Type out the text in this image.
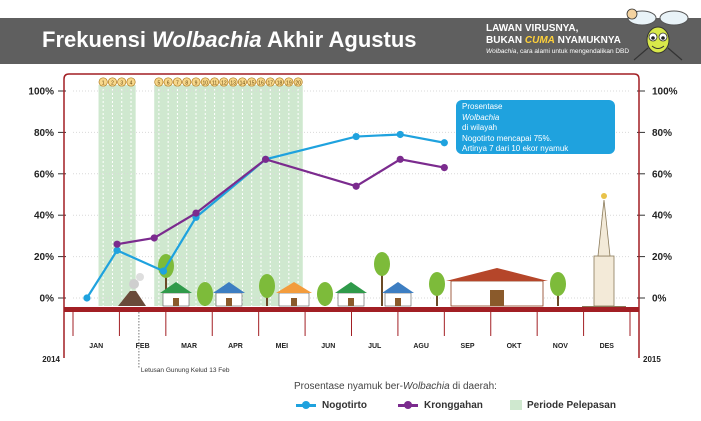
Frekuensi Wolbachia Akhir Agustus	LAWAN VIRUSNYA,
BUKAN CUMA NYAMUKNYA
Wolbachia, cara alami untuk mengendalikan DBD
1 2 3 4	5 6 7 8 9 10 11 12 13 14 15 16 17 18 19 20
0%	0%
20%	20%
40%	40%
60%	60%
80%	80%
100%	100%
JAN	FEB	MAR	APR	MEI	JUN	JUL	AGU	SEP	OKT	NOV	DES
2014	2015
Letusan Gunung Kelud 13 Feb
Prosentase
Wolbachia
di wilayah
Nogotirto mencapai 75%.
Artinya 7 dari 10 ekor nyamuk
Aedes aegypti
sudah ber-Wolbachia
Prosentase nyamuk ber-Wolbachia di daerah:
Nogotirto	Kronggahan	Periode Pelepasan
